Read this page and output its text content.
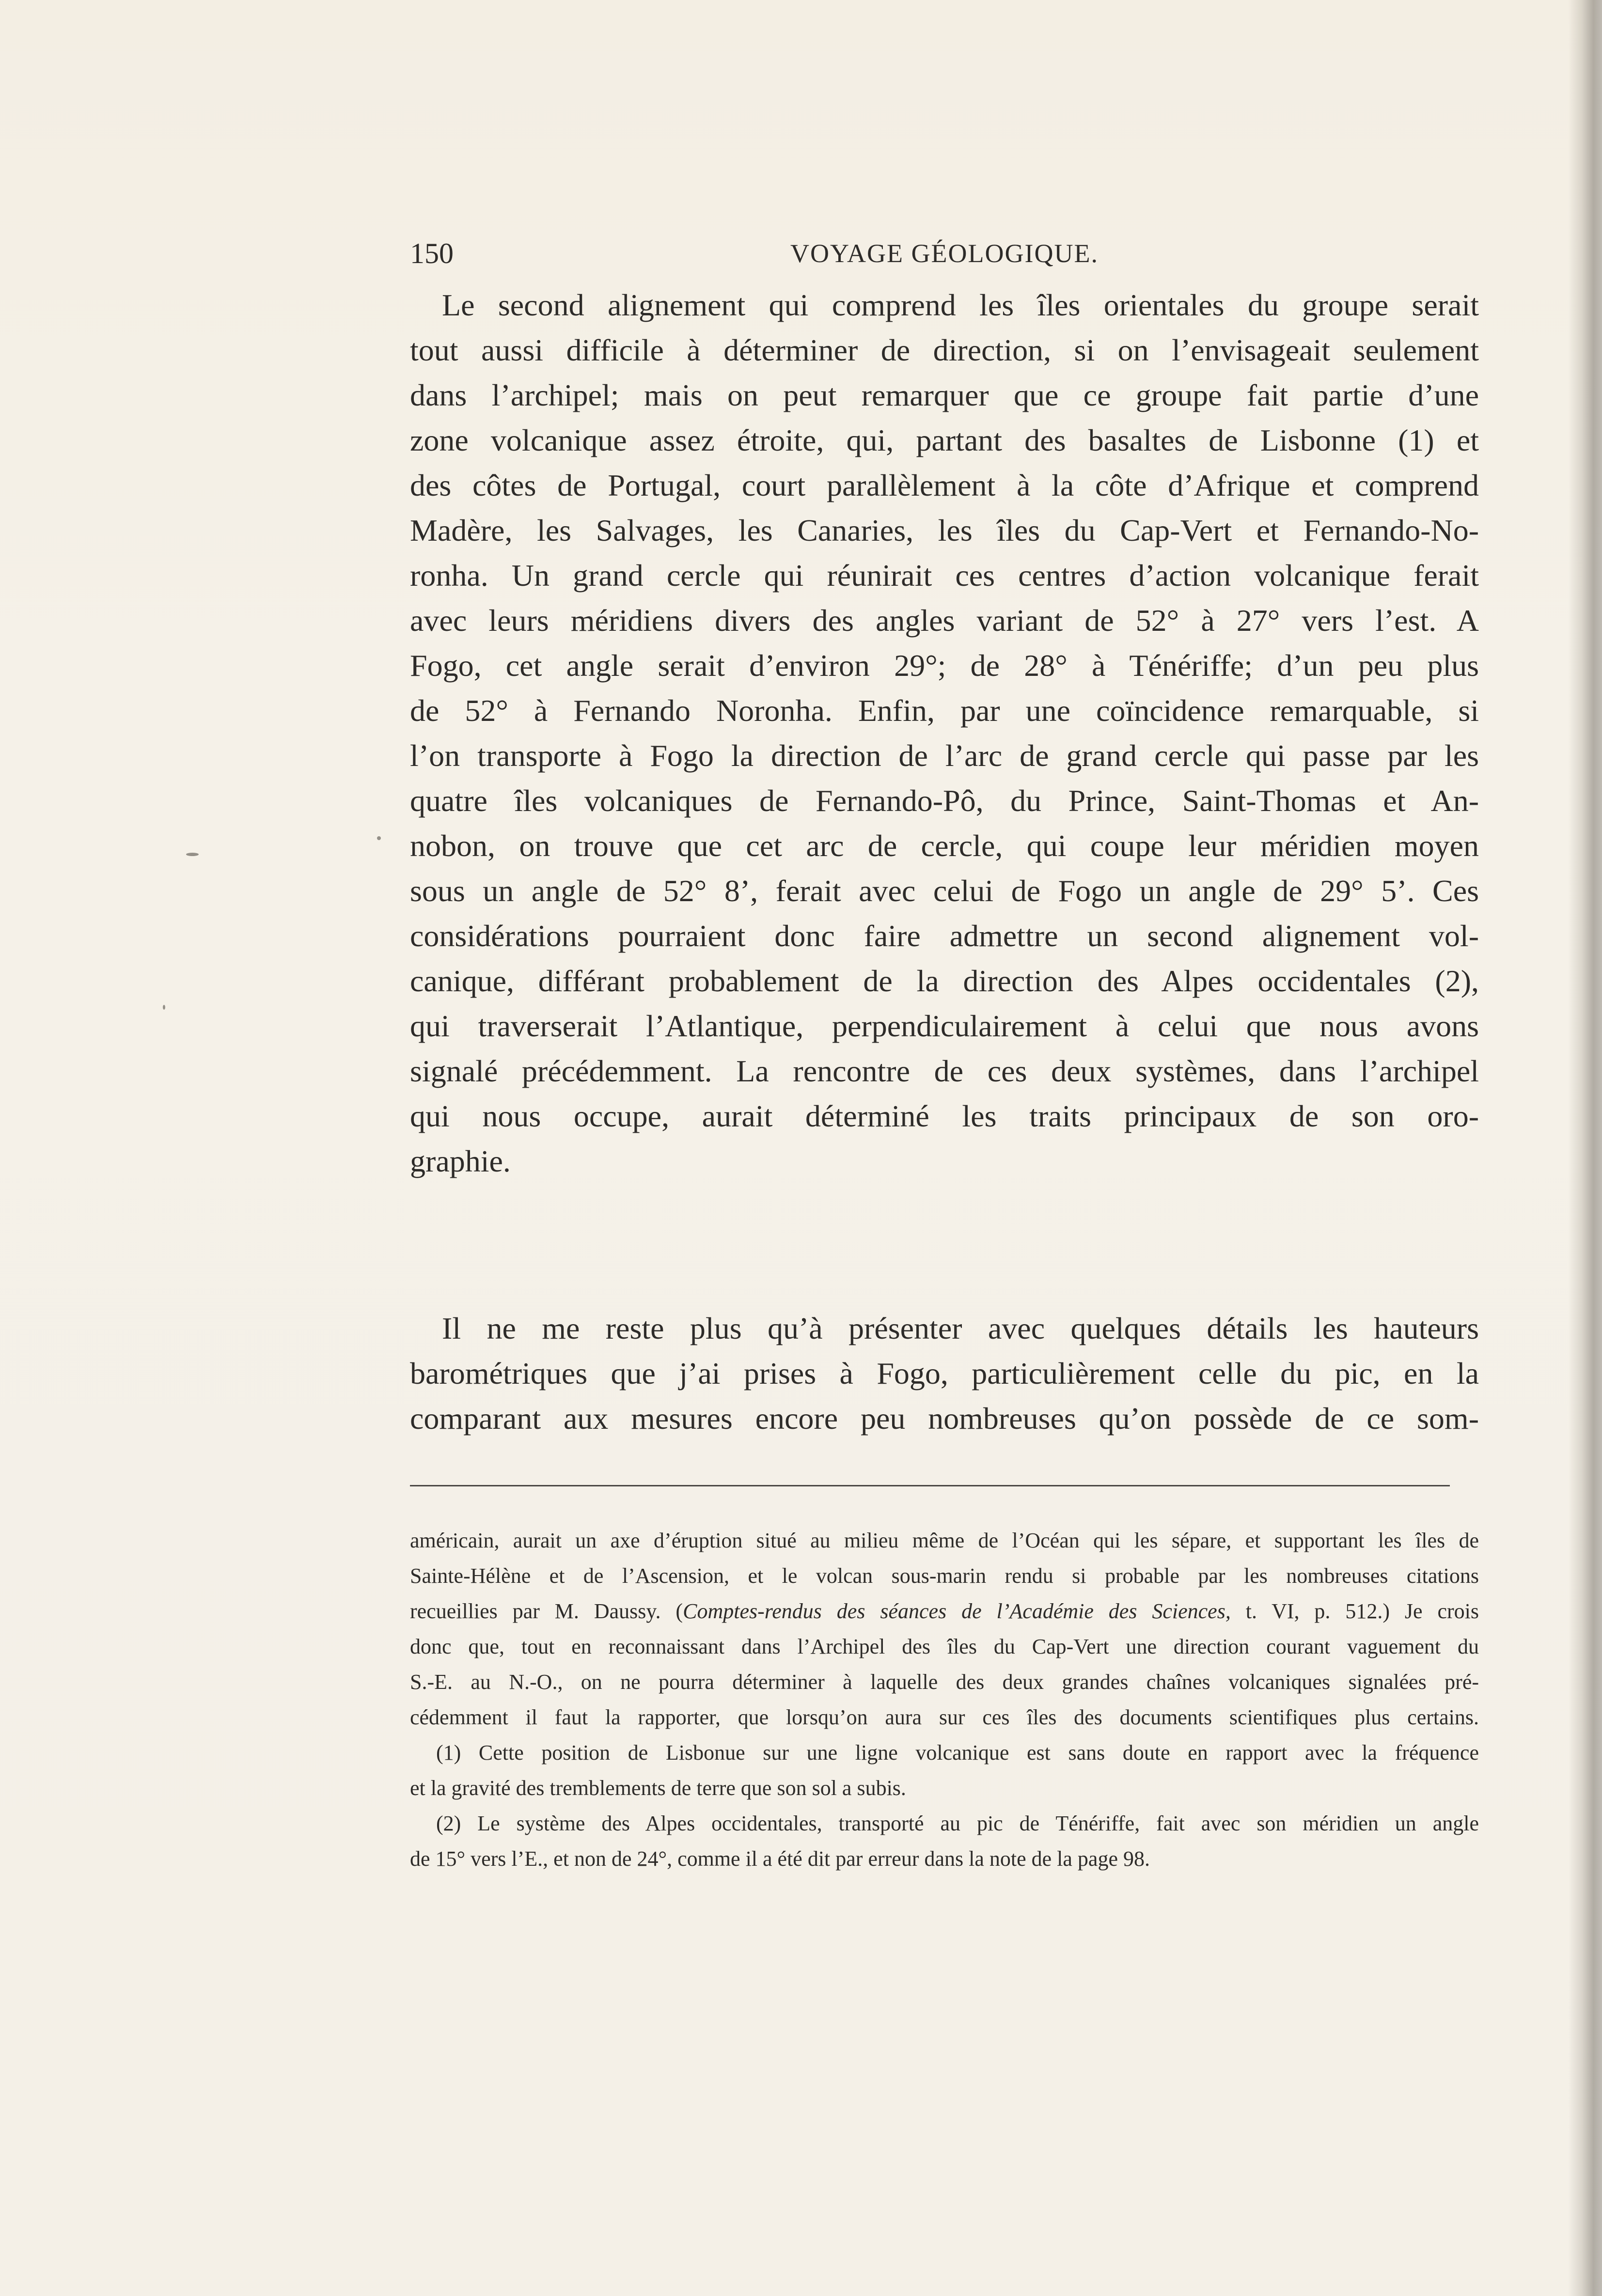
150	VOYAGE GÉOLOGIQUE.
Le second alignement qui comprend les îles orientales du groupe serait
tout aussi difficile à déterminer de direction, si on l’envisageait seulement
dans l’archipel; mais on peut remarquer que ce groupe fait partie d’une
zone volcanique assez étroite, qui, partant des basaltes de Lisbonne (1) et
des côtes de Portugal, court parallèlement à la côte d’Afrique et comprend
Madère, les Salvages, les Canaries, les îles du Cap-Vert et Fernando-No-
ronha. Un grand cercle qui réunirait ces centres d’action volcanique ferait
avec leurs méridiens divers des angles variant de 52° à 27° vers l’est. A
Fogo, cet angle serait d’environ 29°; de 28° à Ténériffe; d’un peu plus
de 52° à Fernando Noronha. Enfin, par une coïncidence remarquable, si
l’on transporte à Fogo la direction de l’arc de grand cercle qui passe par les
quatre îles volcaniques de Fernando-Pô, du Prince, Saint-Thomas et An-
nobon, on trouve que cet arc de cercle, qui coupe leur méridien moyen
sous un angle de 52° 8’, ferait avec celui de Fogo un angle de 29° 5’. Ces
considérations pourraient donc faire admettre un second alignement vol-
canique, différant probablement de la direction des Alpes occidentales (2),
qui traverserait l’Atlantique, perpendiculairement à celui que nous avons
signalé précédemment. La rencontre de ces deux systèmes, dans l’archipel
qui nous occupe, aurait déterminé les traits principaux de son oro-
graphie.
Il ne me reste plus qu’à présenter avec quelques détails les hauteurs
barométriques que j’ai prises à Fogo, particulièrement celle du pic, en la
comparant aux mesures encore peu nombreuses qu’on possède de ce som-
américain, aurait un axe d’éruption situé au milieu même de l’Océan qui les sépare, et supportant les îles de
Sainte-Hélène et de l’Ascension, et le volcan sous-marin rendu si probable par les nombreuses citations
recueillies par M. Daussy. (Comptes-rendus des séances de l’Académie des Sciences, t. VI, p. 512.) Je crois
donc que, tout en reconnaissant dans l’Archipel des îles du Cap-Vert une direction courant vaguement du
S.-E. au N.-O., on ne pourra déterminer à laquelle des deux grandes chaînes volcaniques signalées pré-
cédemment il faut la rapporter, que lorsqu’on aura sur ces îles des documents scientifiques plus certains.
(1) Cette position de Lisbonue sur une ligne volcanique est sans doute en rapport avec la fréquence
et la gravité des tremblements de terre que son sol a subis.
(2) Le système des Alpes occidentales, transporté au pic de Ténériffe, fait avec son méridien un angle
de 15° vers l’E., et non de 24°, comme il a été dit par erreur dans la note de la page 98.
